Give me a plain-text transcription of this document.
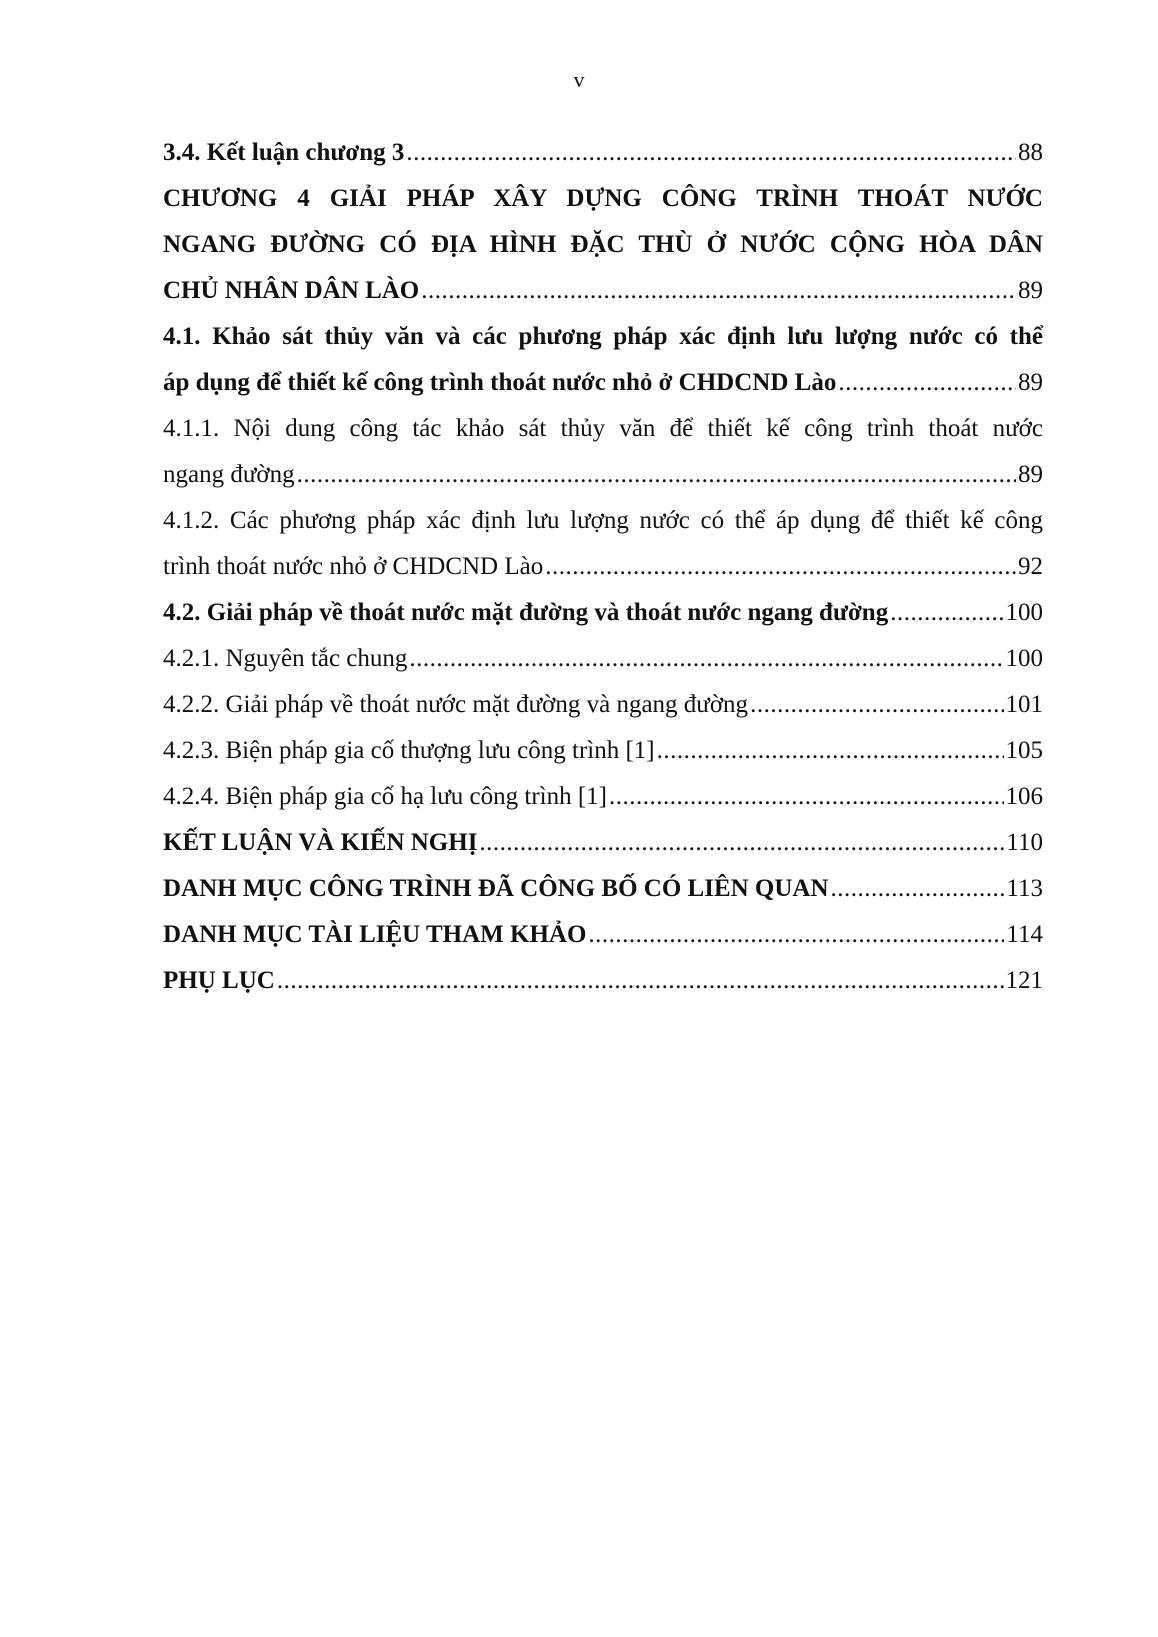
v
3.4. Kết luận chương 3 .....	88
CHƯƠNG 4 GIẢI PHÁP XÂY DỰNG CÔNG TRÌNH THOÁT NƯỚC
NGANG ĐƯỜNG CÓ ĐỊA HÌNH ĐẶC THÙ Ở NƯỚC CỘNG HÒA DÂN
CHỦ NHÂN DÂN LÀO .....	89
4.1. Khảo sát thủy văn và các phương pháp xác định lưu lượng nước có thể
áp dụng để thiết kế công trình thoát nước nhỏ ở CHDCND Lào .....	89
4.1.1. Nội dung công tác khảo sát thủy văn để thiết kế công trình thoát nước
ngang đường .....	89
4.1.2. Các phương pháp xác định lưu lượng nước có thể áp dụng để thiết kế công
trình thoát nước nhỏ ở CHDCND Lào .....	92
4.2. Giải pháp về thoát nước mặt đường và thoát nước ngang đường .....	100
4.2.1. Nguyên tắc chung .....	100
4.2.2. Giải pháp về thoát nước mặt đường và ngang đường .....	101
4.2.3. Biện pháp gia cố thượng lưu công trình [1] .....	105
4.2.4. Biện pháp gia cố hạ lưu công trình [1] .....	106
KẾT LUẬN VÀ KIẾN NGHỊ .....	110
DANH MỤC CÔNG TRÌNH ĐÃ CÔNG BỐ CÓ LIÊN QUAN .....	113
DANH MỤC TÀI LIỆU THAM KHẢO .....	114
PHỤ LỤC .....	121
